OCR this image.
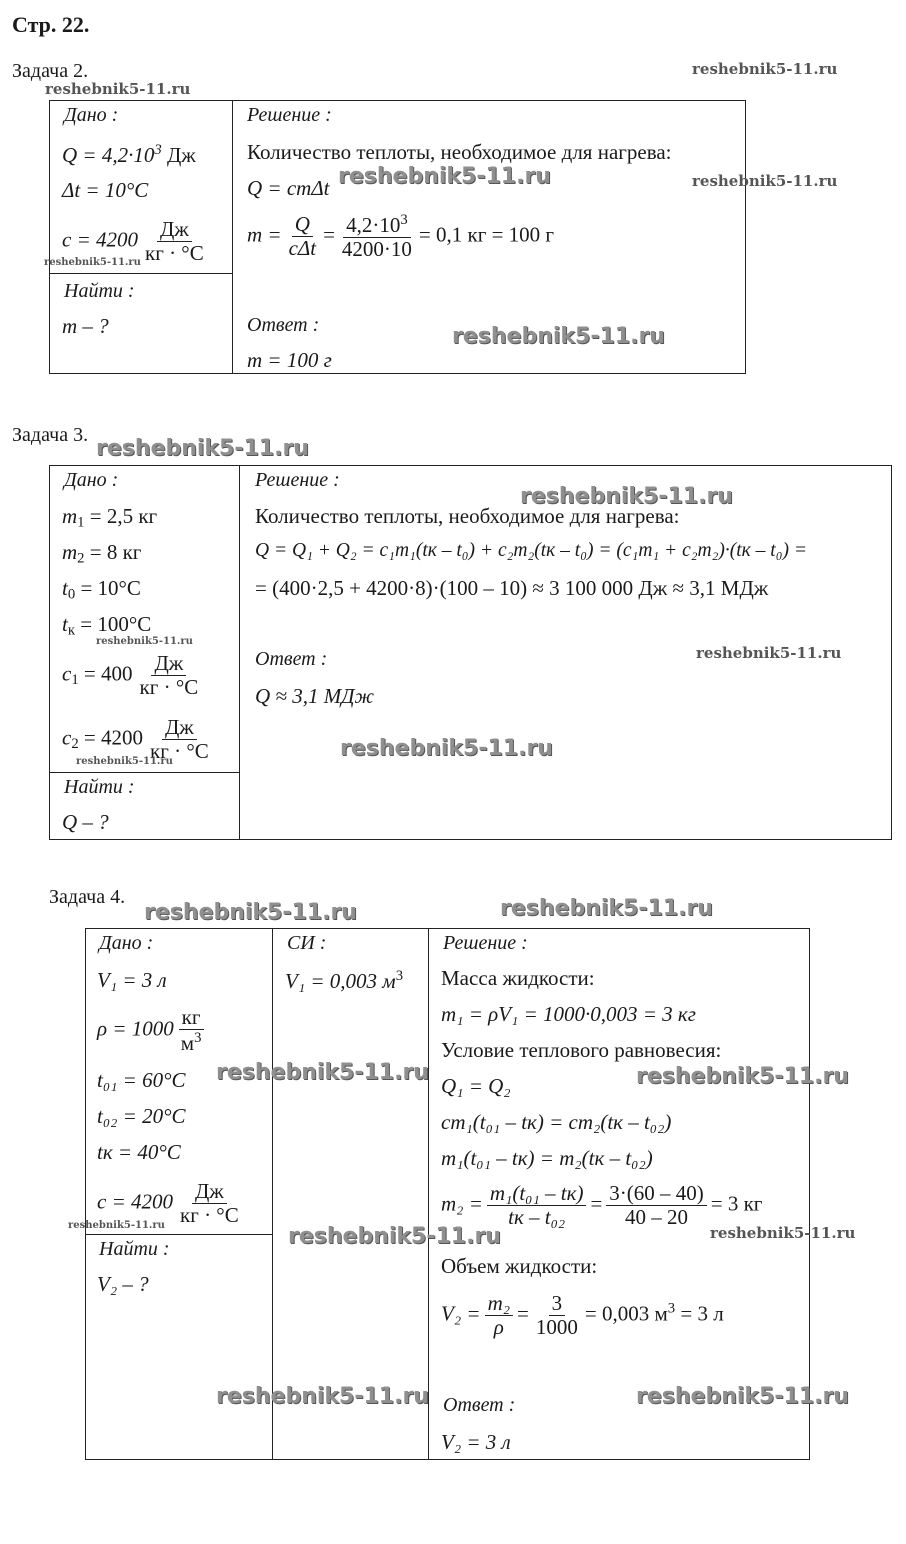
Стр. 22.
Задача 2.
Дано :
$Q = 4,2\cdot 10^3$ Дж
Δt = 10°C
$c = 4200 \frac{Дж}{кг \cdot ^\circ С}$
Найти :
m – ?
Решение :
Количество теплоты, необходимое для нагрева:
Q = cmΔt
$m = \frac{Q}{\text{cΔt}} = \frac{4,2\cdot 10^3}{4200\cdot 10} = 0,1$ кг = 100 г
Ответ :
m = 100 г
Задача 3.
Дано :
$m_1 = 2,5$ кг
$m_2 = 8$ кг
$t_0 = 10^\circ C$
$t_к = 100^\circ C$
$c_1 = 400 \frac{Дж}{кг \cdot ^\circ С}$
$c_2 = 4200 \frac{Дж}{кг \cdot ^\circ С}$
Найти :
Q – ?
Решение :
Количество теплоты, необходимое для нагрева:
Q = Q₁ + Q₂ = c₁m₁(tк – t₀) + c₂m₂(tк – t₀) = (c₁m₁ + c₂m₂)·(tк – t₀) =
= (400·2,5 + 4200·8)·(100 – 10) ≈ 3 100 000 Дж ≈ 3,1 МДж
Ответ :
Q ≈ 3,1 МДж
Задача 4.
Дано :
V₁ = 3 л
$\rho = 1000 \frac{кг}{м^3}$
t₀₁ = 60°C
t₀₂ = 20°C
tк = 40°C
$c = 4200 \frac{Дж}{кг \cdot ^\circ С}$
Найти :
V₂ – ?
СИ :
V₁ = 0,003 $м^3$
Решение :
Масса жидкости:
m₁ = ρV₁ = 1000·0,003 = 3 кг
Условие теплового равновесия:
Q₁ = Q₂
cm₁(t₀₁ – tк) = cm₂(tк – t₀₂)
m₁(t₀₁ – tк) = m₂(tк – t₀₂)
$m_2 = \frac{\text{m₁(t₀₁ – tк)}}{\text{tк – t₀₂}} = \frac{3\cdot(60 - 40)}{40 - 20} = 3$ кг
Объем жидкости:
$V_2 = \frac{\text{m₂}}{\rho} = \frac{3}{1000} = 0,003$ $м^3 = 3$ л
Ответ :
V₂ = 3 л
reshebnik5-11.ru
reshebnik5-11.ru
reshebnik5-11.ru	reshebnik5-11.ru
reshebnik5-11.ru
reshebnik5-11.ru
reshebnik5-11.ru
reshebnik5-11.ru
reshebnik5-11.ru
reshebnik5-11.ru
reshebnik5-11.ru
reshebnik5-11.ru
reshebnik5-11.ru	reshebnik5-11.ru
reshebnik5-11.ru	reshebnik5-11.ru
reshebnik5-11.ru	reshebnik5-11.ru	reshebnik5-11.ru
reshebnik5-11.ru	reshebnik5-11.ru
